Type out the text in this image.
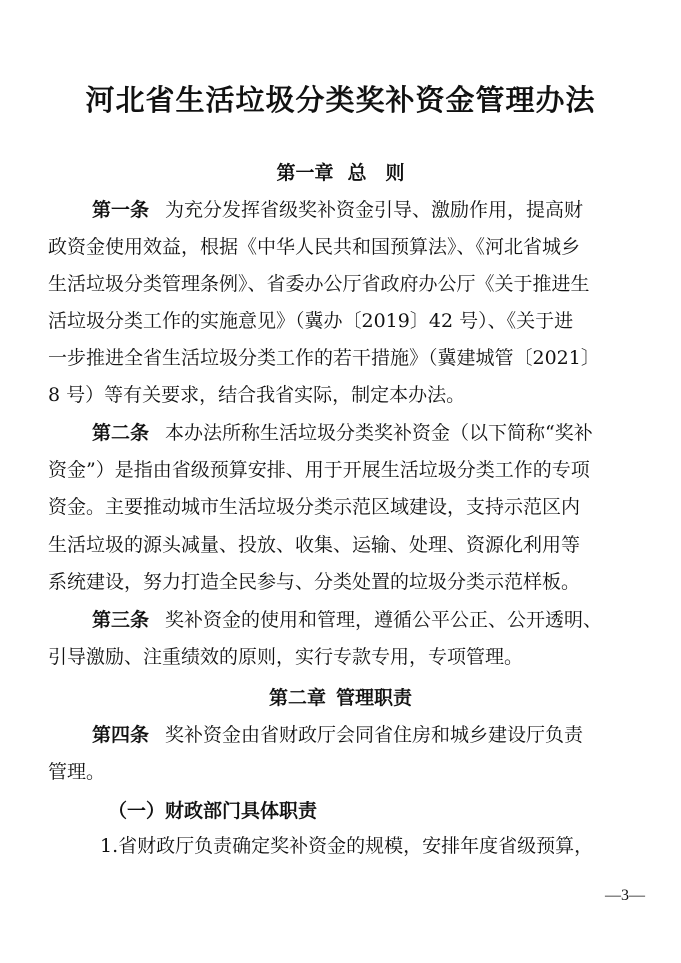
河北省生活垃圾分类奖补资金管理办法
第一章 总　则
第一条 为充分发挥省级奖补资金引导、激励作用，提高财
政资金使用效益，根据《中华人民共和国预算法》、《河北省城乡
生活垃圾分类管理条例》、省委办公厅省政府办公厅《关于推进生
活垃圾分类工作的实施意见》（冀办〔2019〕42 号）、《关于进
一步推进全省生活垃圾分类工作的若干措施》（冀建城管〔2021〕
8 号）等有关要求，结合我省实际，制定本办法。
第二条 本办法所称生活垃圾分类奖补资金（以下简称“奖补
资金”）是指由省级预算安排、用于开展生活垃圾分类工作的专项
资金。主要推动城市生活垃圾分类示范区域建设，支持示范区内
生活垃圾的源头减量、投放、收集、运输、处理、资源化利用等
系统建设，努力打造全民参与、分类处置的垃圾分类示范样板。
第三条 奖补资金的使用和管理，遵循公平公正、公开透明、
引导激励、注重绩效的原则，实行专款专用，专项管理。
第二章 管理职责
第四条 奖补资金由省财政厅会同省住房和城乡建设厅负责
管理。
（一）财政部门具体职责
1.省财政厅负责确定奖补资金的规模，安排年度省级预算，
—3—
